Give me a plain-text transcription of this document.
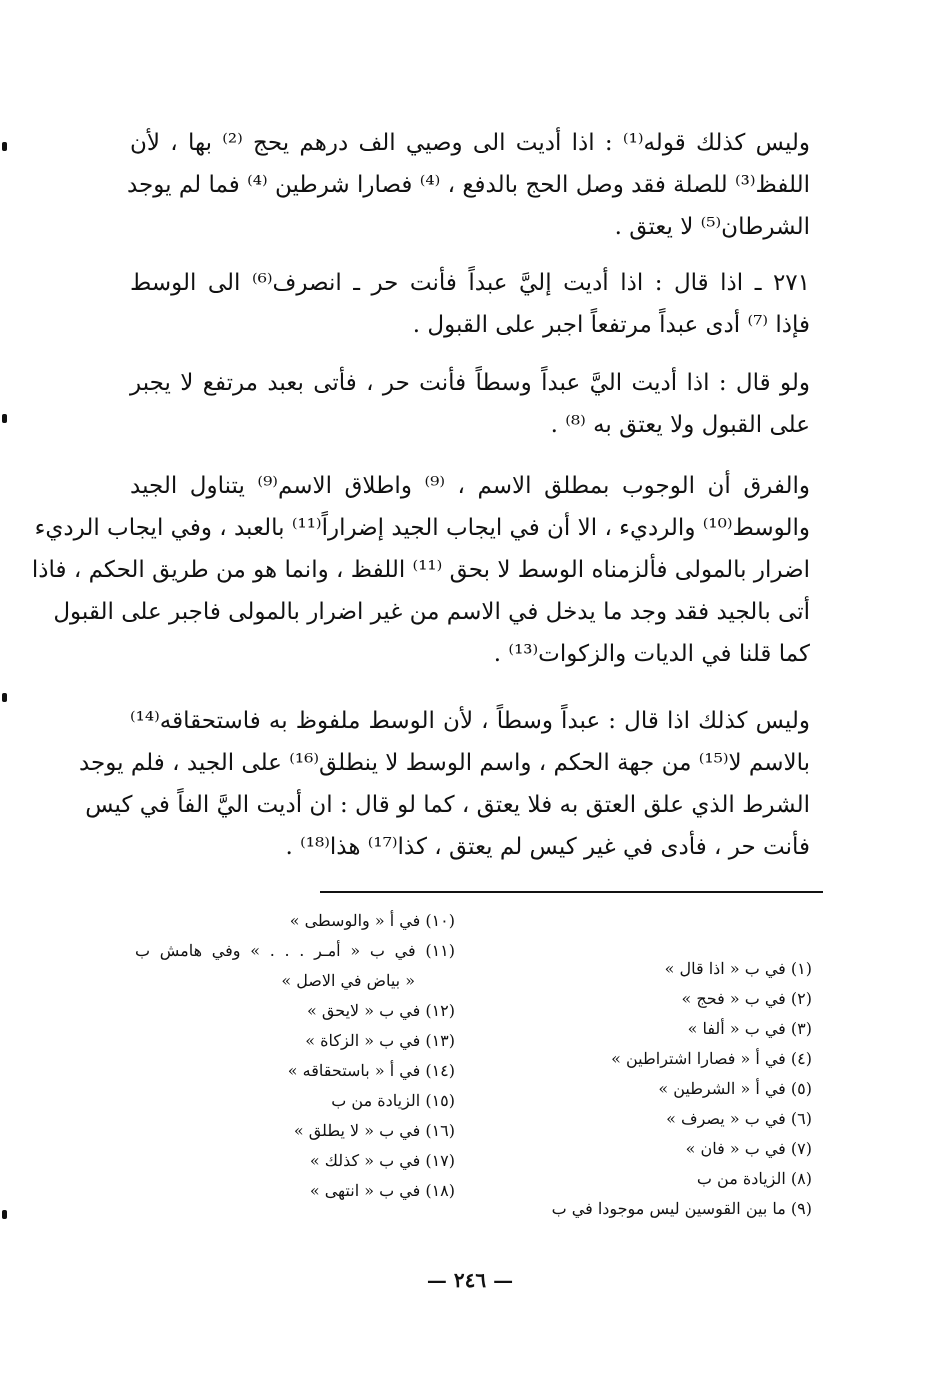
وليس كذلك قوله⁽¹⁾ : اذا أديت الى وصيي الف درهم يحج ⁽²⁾ بها ، لأن
اللفظ⁽³⁾ للصلة فقد وصل الحج بالدفع ، ⁽⁴⁾ فصارا شرطين ⁽⁴⁾ فما لم يوجد
الشرطان⁽⁵⁾ لا يعتق .
٢٧١ ـ اذا قال : اذا أديت إليَّ عبداً فأنت حر ـ انصرف⁽⁶⁾ الى الوسط
فإذا ⁽⁷⁾ أدى عبداً مرتفعاً اجبر على القبول .
ولو قال : اذا أديت اليَّ عبداً وسطاً فأنت حر ، فأتى بعبد مرتفع لا يجبر
على القبول ولا يعتق به ⁽⁸⁾ .
والفرق أن الوجوب بمطلق الاسم ، ⁽⁹⁾ واطلاق الاسم⁽⁹⁾ يتناول الجيد
والوسط⁽¹⁰⁾ والرديء ، الا أن في ايجاب الجيد إضراراً⁽¹¹⁾ بالعبد ، وفي ايجاب الرديء
اضرار بالمولى فألزمناه الوسط لا بحق ⁽¹¹⁾ اللفظ ، وانما هو من طريق الحكم ، فاذا
أتى بالجيد فقد وجد ما يدخل في الاسم من غير اضرار بالمولى فاجبر على القبول
كما قلنا في الديات والزكوات⁽¹³⁾ .
وليس كذلك اذا قال : عبداً وسطاً ، لأن الوسط ملفوظ به فاستحقاقه⁽¹⁴⁾
بالاسم لا⁽¹⁵⁾ من جهة الحكم ، واسم الوسط لا ينطلق⁽¹⁶⁾ على الجيد ، فلم يوجد
الشرط الذي علق العتق به فلا يعتق ، كما لو قال : ان أديت اليَّ الفاً في كيس
فأنت حر ، فأدى في غير كيس لم يعتق ، كذا⁽¹⁷⁾ هذا⁽¹⁸⁾ .
(١) في ب « اذا قال »
(٢) في ب « فحج »
(٣) في ب « ألفا »
(٤) في أ « فصارا اشتراطين »
(٥) في أ « الشرطين »
(٦) في ب « يصرف »
(٧) في ب « فان »
(٨) الزيادة من ب
(٩) ما بين القوسين ليس موجودا في ب
(١٠) في أ « والوسطى »
(١١) في ب « أمـر . . . » وفي هامش ب
« بياض في الاصل »
(١٢) في ب « لايحق »
(١٣) في ب « الزكاة »
(١٤) في أ « باستحقاقه »
(١٥) الزيادة من ب
(١٦) في ب « لا يطلق »
(١٧) في ب « كذلك »
(١٨) في ب « انتهى »
— ٢٤٦ —
